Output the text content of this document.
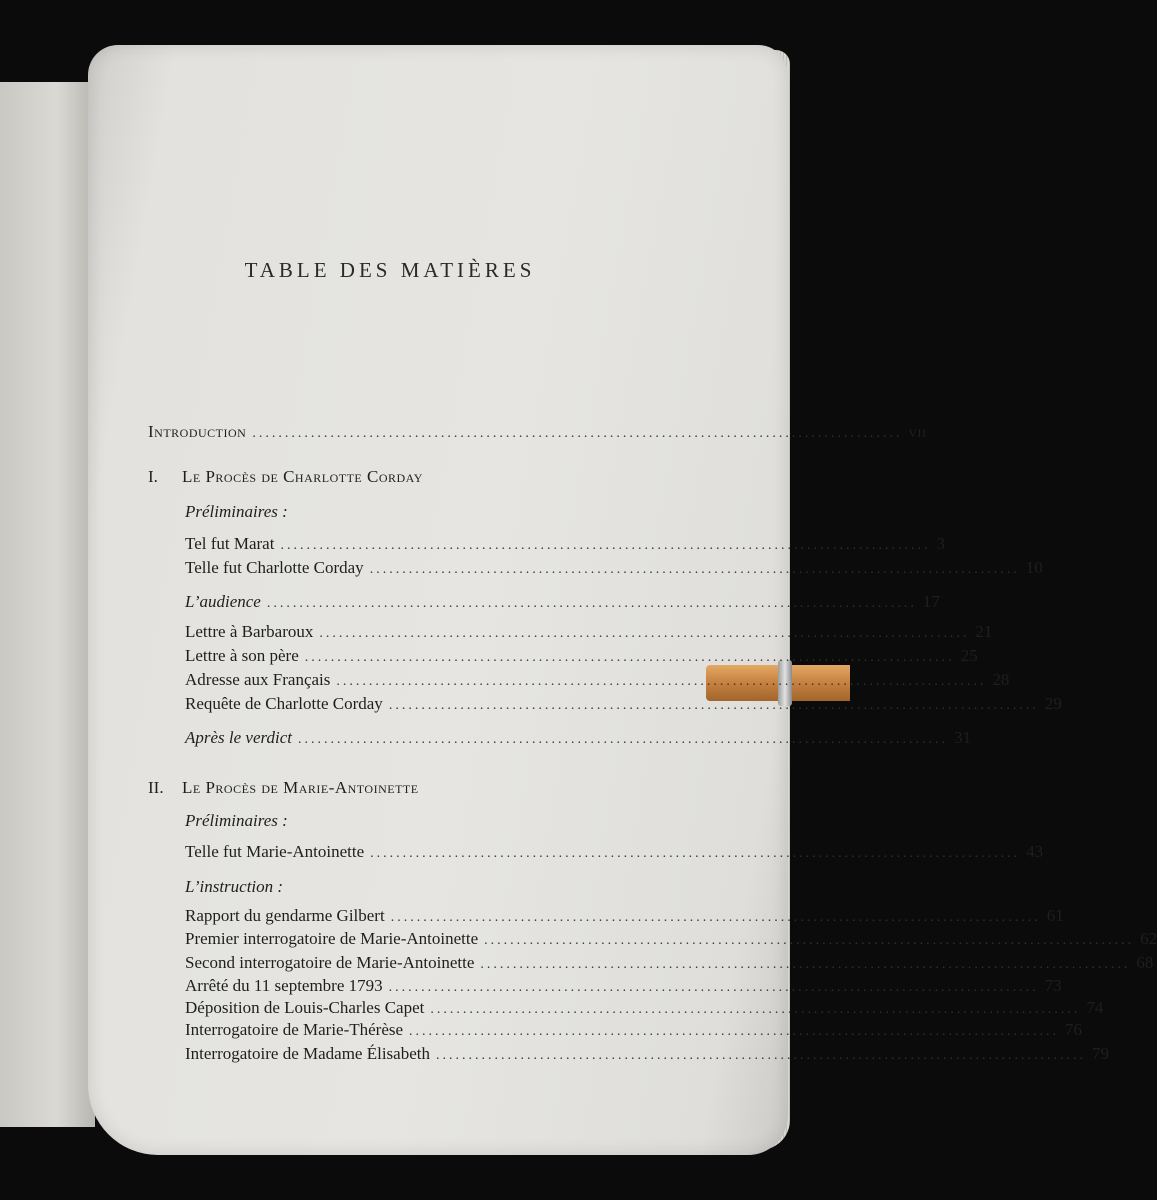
TABLE DES MATIÈRES
Introduction .................................................................................................... vii
I. Le Procès de Charlotte Corday
Préliminaires :
Tel fut Marat .................................................................................................... 3
Telle fut Charlotte Corday .................................................................................................... 10
L’audience .................................................................................................... 17
Lettre à Barbaroux .................................................................................................... 21
Lettre à son père .................................................................................................... 25
Adresse aux Français .................................................................................................... 28
Requête de Charlotte Corday .................................................................................................... 29
Après le verdict .................................................................................................... 31
II. Le Procès de Marie-Antoinette
Préliminaires :
Telle fut Marie-Antoinette .................................................................................................... 43
L’instruction :
Rapport du gendarme Gilbert .................................................................................................... 61
Premier interrogatoire de Marie-Antoinette .................................................................................................... 62
Second interrogatoire de Marie-Antoinette .................................................................................................... 68
Arrêté du 11 septembre 1793 .................................................................................................... 73
Déposition de Louis-Charles Capet .................................................................................................... 74
Interrogatoire de Marie-Thérèse .................................................................................................... 76
Interrogatoire de Madame Élisabeth .................................................................................................... 79
